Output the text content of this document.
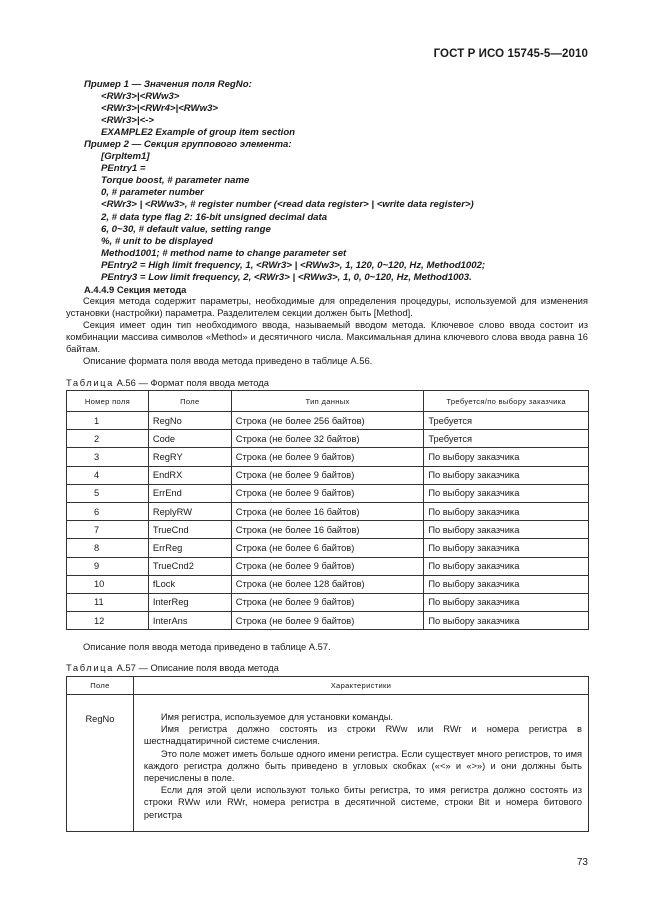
ГОСТ Р ИСО 15745-5—2010
Пример 1 — Значения поля RegNo:
<RWr3>|<RWw3>
<RWr3>|<RWr4>|<RWw3>
<RWr3>|<->
EXAMPLE2 Example of group item section
Пример 2 — Секция группового элемента:
[GrpItem1]
PEntry1 =
Torque boost, # parameter name
0, # parameter number
<RWr3> | <RWw3>, # register number (<read data register> | <write data register>)
2, # data type flag 2: 16-bit unsigned decimal data
6, 0~30, # default value, setting range
%, # unit to be displayed
Method1001; # method name to change parameter set
PEntry2 = High limit frequency, 1, <RWr3> | <RWw3>, 1, 120, 0~120, Hz, Method1002;
PEntry3 = Low limit frequency, 2, <RWr3> | <RWw3>, 1, 0, 0~120, Hz, Method1003.
A.4.4.9 Секция метода

Секция метода содержит параметры, необходимые для определения процедуры, используемой для изменения установки (настройки) параметра. Разделителем секции должен быть [Method].

Секция имеет один тип необходимого ввода, называемый вводом метода. Ключевое слово ввода состоит из комбинации массива символов «Method» и десятичного числа. Максимальная длина ключевого слова ввода равна 16 байтам.

Описание формата поля ввода метода приведено в таблице A.56.

Таблица A.56 — Формат поля ввода метода
Номер поля	Поле	Тип данных	Требуется/по выбору заказчика
1	RegNo	Строка (не более 256 байтов)	Требуется
2	Code	Строка (не более 32 байтов)	Требуется
3	RegRY	Строка (не более 9 байтов)	По выбору заказчика
4	EndRX	Строка (не более 9 байтов)	По выбору заказчика
5	ErrEnd	Строка (не более 9 байтов)	По выбору заказчика
6	ReplyRW	Строка (не более 16 байтов)	По выбору заказчика
7	TrueCnd	Строка (не более 16 байтов)	По выбору заказчика
8	ErrReg	Строка (не более 6 байтов)	По выбору заказчика
9	TrueCnd2	Строка (не более 9 байтов)	По выбору заказчика
10	fLock	Строка (не более 128 байтов)	По выбору заказчика
11	InterReg	Строка (не более 9 байтов)	По выбору заказчика
12	InterAns	Строка (не более 9 байтов)	По выбору заказчика
Описание поля ввода метода приведено в таблице A.57.
Таблица A.57 — Описание поля ввода метода
Поле	Характеристики
RegNo	Имя регистра, используемое для установки команды.

Имя регистра должно состоять из строки RWw или RWr и номера регистра в шестнадцатиричной системе счисления.

Это поле может иметь больше одного имени регистра. Если существует много регистров, то имя каждого регистра должно быть приведено в угловых скобках («<» и «>») и они должны быть перечислены в поле.

Если для этой цели используют только биты регистра, то имя регистра должно состоять из строки RWw или RWr, номера регистра в десятичной системе, строки Bit и номера битового регистра

73
